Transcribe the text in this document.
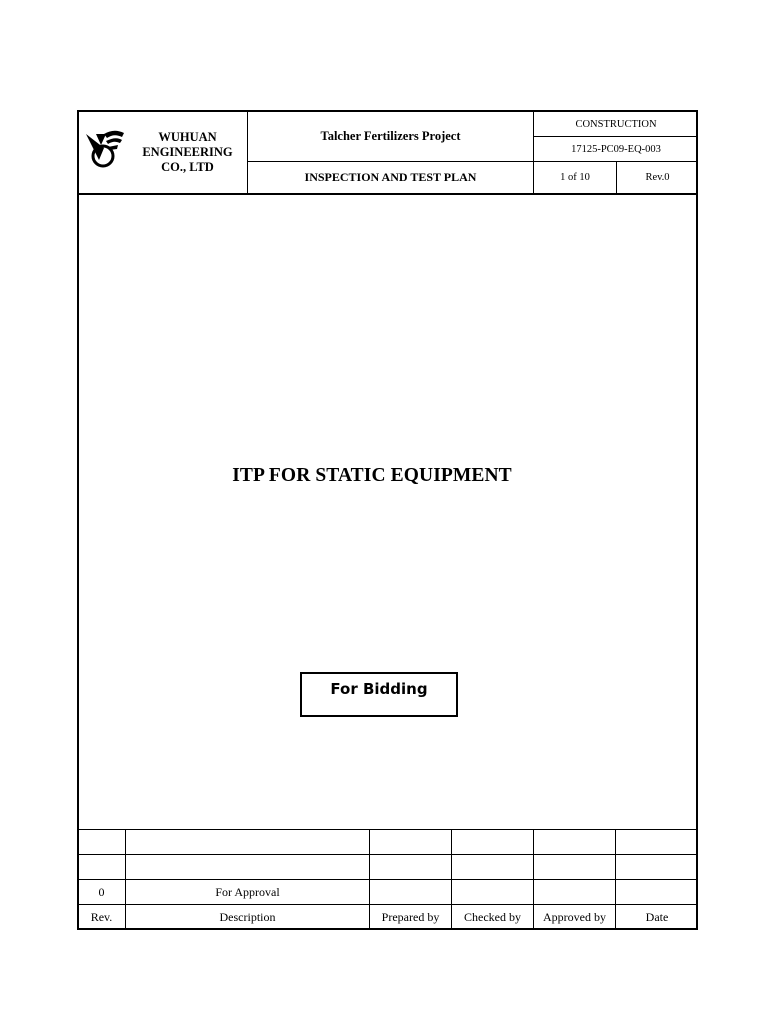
WUHUAN
ENGINEERING
CO., LTD
Talcher Fertilizers Project
INSPECTION AND TEST PLAN
CONSTRUCTION
17125-PC09-EQ-003
1 of 10	Rev.0
ITP FOR STATIC EQUIPMENT
For Bidding
0	For Approval
Rev.	Description	Prepared by	Checked by	Approved by	Date
